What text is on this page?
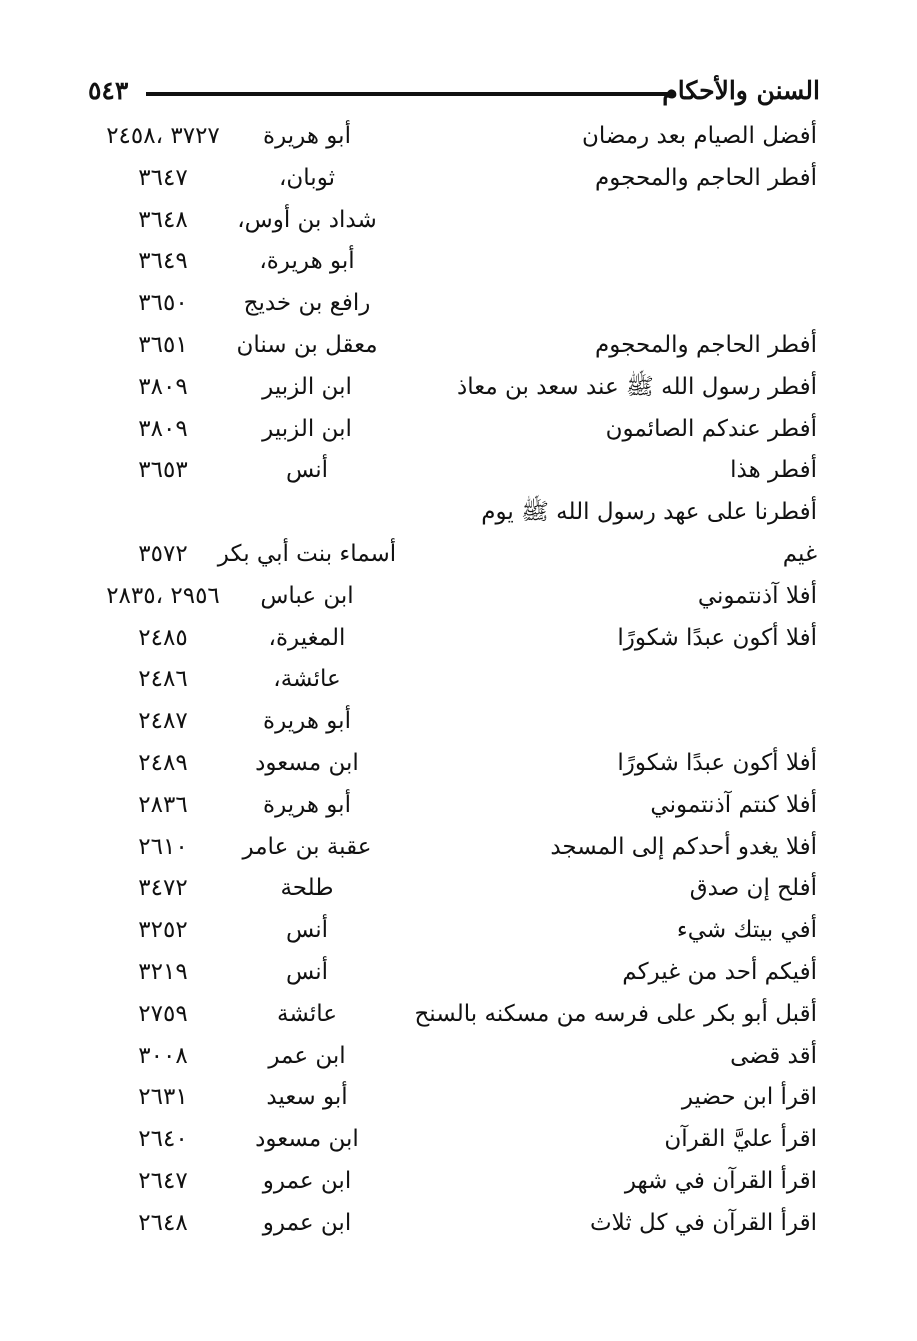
السنن والأحكام
٥٤٣
أفضل الصيام بعد رمضان
أبو هريرة
٣٧٢٧ ،٢٤٥٨
أفطر الحاجم والمحجوم
ثوبان،
٣٦٤٧
شداد بن أوس،
٣٦٤٨
أبو هريرة،
٣٦٤٩
رافع بن خديج
٣٦٥٠
أفطر الحاجم والمحجوم
معقل بن سنان
٣٦٥١
أفطر رسول الله ﷺ عند سعد بن معاذ
ابن الزبير
٣٨٠٩
أفطر عندكم الصائمون
ابن الزبير
٣٨٠٩
أفطر هذا
أنس
٣٦٥٣
أفطرنا على عهد رسول الله ﷺ يوم
غيم
أسماء بنت أبي بكر
٣٥٧٢
أفلا آذنتموني
ابن عباس
٢٩٥٦ ،٢٨٣٥
أفلا أكون عبدًا شكورًا
المغيرة،
٢٤٨٥
عائشة،
٢٤٨٦
أبو هريرة
٢٤٨٧
أفلا أكون عبدًا شكورًا
ابن مسعود
٢٤٨٩
أفلا كنتم آذنتموني
أبو هريرة
٢٨٣٦
أفلا يغدو أحدكم إلى المسجد
عقبة بن عامر
٢٦١٠
أفلح إن صدق
طلحة
٣٤٧٢
أفي بيتك شيء
أنس
٣٢٥٢
أفيكم أحد من غيركم
أنس
٣٢١٩
أقبل أبو بكر على فرسه من مسكنه بالسنح
عائشة
٢٧٥٩
أقد قضى
ابن عمر
٣٠٠٨
اقرأ ابن حضير
أبو سعيد
٢٦٣١
اقرأ عليَّ القرآن
ابن مسعود
٢٦٤٠
اقرأ القرآن في شهر
ابن عمرو
٢٦٤٧
اقرأ القرآن في كل ثلاث
ابن عمرو
٢٦٤٨
